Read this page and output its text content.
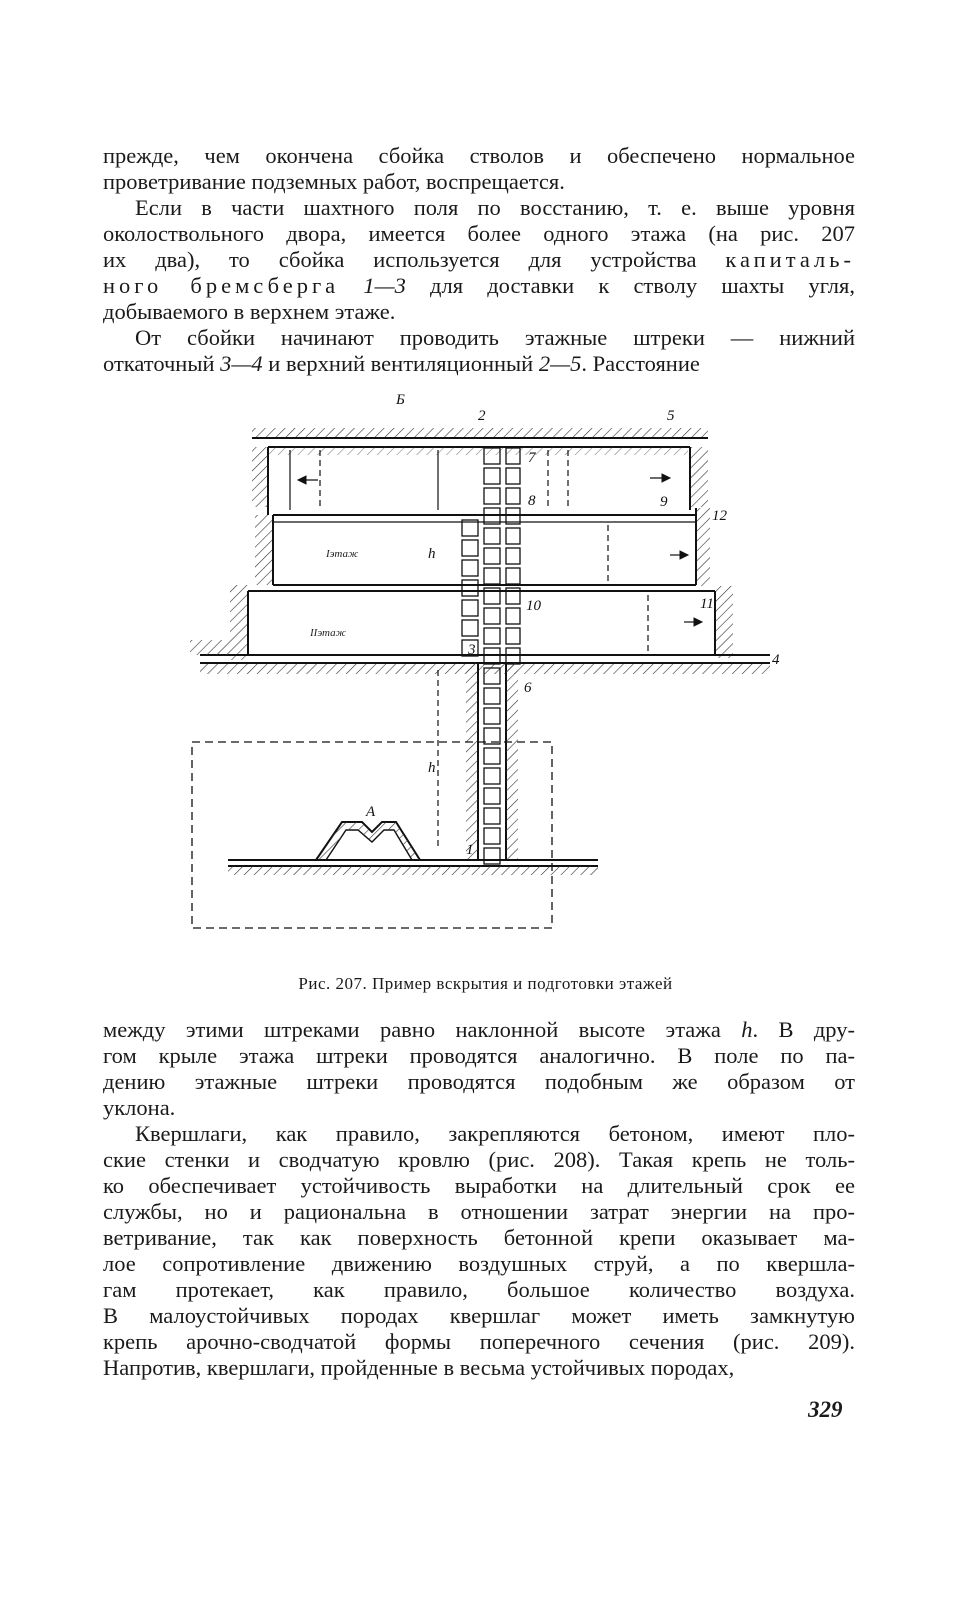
прежде, чем окончена сбойка стволов и обеспечено нормальное
проветривание подземных работ, воспрещается.

Если в части шахтного поля по восстанию, т. е. выше уровня
околоствольного двора, имеется более одного этажа (на рис. 207
их два), то сбойка используется для устройства капиталь-
ного бремсберга 1—3 для доставки к стволу шахты угля,
добываемого в верхнем этаже.

От сбойки начинают проводить этажные штреки — нижний
откаточный 3—4 и верхний вентиляционный 2—5. Расстояние

Б
2	5
7
8	9
12
10	11
3
4
6
А
1
h
h
Iэтаж
IIэтаж
Рис. 207. Пример вскрытия и подготовки этажей

между этими штреками равно наклонной высоте этажа h. В дру-
гом крыле этажа штреки проводятся аналогично. В поле по па-
дению этажные штреки проводятся подобным же образом от
уклона.

Квершлаги, как правило, закрепляются бетоном, имеют пло-
ские стенки и сводчатую кровлю (рис. 208). Такая крепь не толь-
ко обеспечивает устойчивость выработки на длительный срок ее
службы, но и рациональна в отношении затрат энергии на про-
ветривание, так как поверхность бетонной крепи оказывает ма-
лое сопротивление движению воздушных струй, а по квершла-
гам протекает, как правило, большое количество воздуха.
В малоустойчивых породах квершлаг может иметь замкнутую
крепь арочно-сводчатой формы поперечного сечения (рис. 209).
Напротив, квершлаги, пройденные в весьма устойчивых породах,

329
